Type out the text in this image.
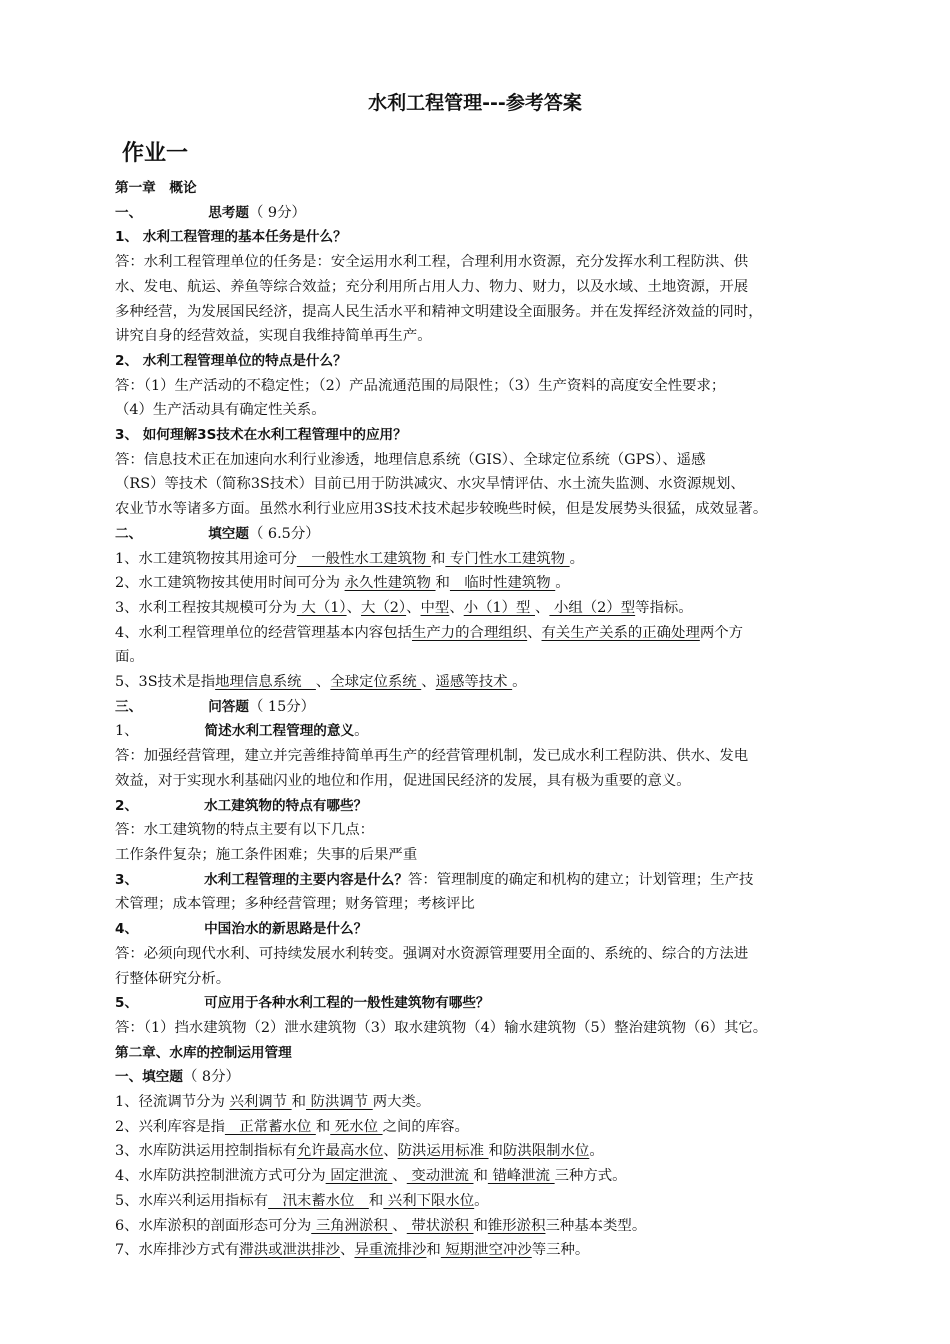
水利工程管理---参考答案
作业一

第一章　概论

一、	思考题（ 9分）

1、 水利工程管理的基本任务是什么？

答：水利工程管理单位的任务是：安全运用水利工程，合理利用水资源，充分发挥水利工程防洪、供

水、发电、航运、养鱼等综合效益；充分利用所占用人力、物力、财力，以及水域、土地资源，开展

多种经营，为发展国民经济，提高人民生活水平和精神文明建设全面服务。并在发挥经济效益的同时，

讲究自身的经营效益，实现自我维持简单再生产。

2、 水利工程管理单位的特点是什么？

答：（1）生产活动的不稳定性；（2）产品流通范围的局限性；（3）生产资料的高度安全性要求；

（4）生产活动具有确定性关系。

3、 如何理解3S技术在水利工程管理中的应用？

答：信息技术正在加速向水利行业渗透，地理信息系统（GIS）、全球定位系统（GPS）、遥感

（RS）等技术（简称3S技术）目前已用于防洪减灾、水灾旱情评估、水土流失监测、水资源规划、

农业节水等诸多方面。虽然水利行业应用3S技术技术起步较晚些时候，但是发展势头很猛，成效显著。

二、	填空题（ 6.5分）

1、水工建筑物按其用途可分　一般性水工建筑物 和 专门性水工建筑物 。

2、水工建筑物按其使用时间可分为 永久性建筑物 和　临时性建筑物 。

3、水利工程按其规模可分为 大（1）、大（2）、中型、小（1）型 、 小组（2）型等指标。

4、水利工程管理单位的经营管理基本内容包括生产力的合理组织、有关生产关系的正确处理两个方

面。

5、3S技术是指地理信息系统　、全球定位系统 、遥感等技术 。

三、	问答题（ 15分）

1、	简述水利工程管理的意义。

答：加强经营管理，建立并完善维持简单再生产的经营管理机制，发已成水利工程防洪、供水、发电

效益，对于实现水利基础闪业的地位和作用，促进国民经济的发展，具有极为重要的意义。

2、	水工建筑物的特点有哪些？

答：水工建筑物的特点主要有以下几点：

工作条件复杂；施工条件困难；失事的后果严重

3、	水利工程管理的主要内容是什么？答：管理制度的确定和机构的建立；计划管理；生产技

术管理；成本管理；多种经营管理；财务管理；考核评比

4、	中国治水的新思路是什么？

答：必须向现代水利、可持续发展水利转变。强调对水资源管理要用全面的、系统的、综合的方法进

行整体研究分析。

5、	可应用于各种水利工程的一般性建筑物有哪些？

答：（1）挡水建筑物（2）泄水建筑物（3）取水建筑物（4）输水建筑物（5）整治建筑物（6）其它。

第二章、水库的控制运用管理

一、填空题（ 8分）

1、径流调节分为 兴利调节 和 防洪调节 两大类。

2、兴利库容是指　正常蓄水位 和 死水位 之间的库容。

3、水库防洪运用控制指标有允许最高水位、防洪运用标准 和防洪限制水位。

4、水库防洪控制泄流方式可分为 固定泄流 、 变动泄流 和 错峰泄流 三种方式。

5、水库兴利运用指标有　汛末蓄水位　和 兴利下限水位。

6、水库淤积的剖面形态可分为 三角洲淤积 、 带状淤积 和锥形淤积三种基本类型。

7、水库排沙方式有滞洪或泄洪排沙、异重流排沙和 短期泄空冲沙等三种。
